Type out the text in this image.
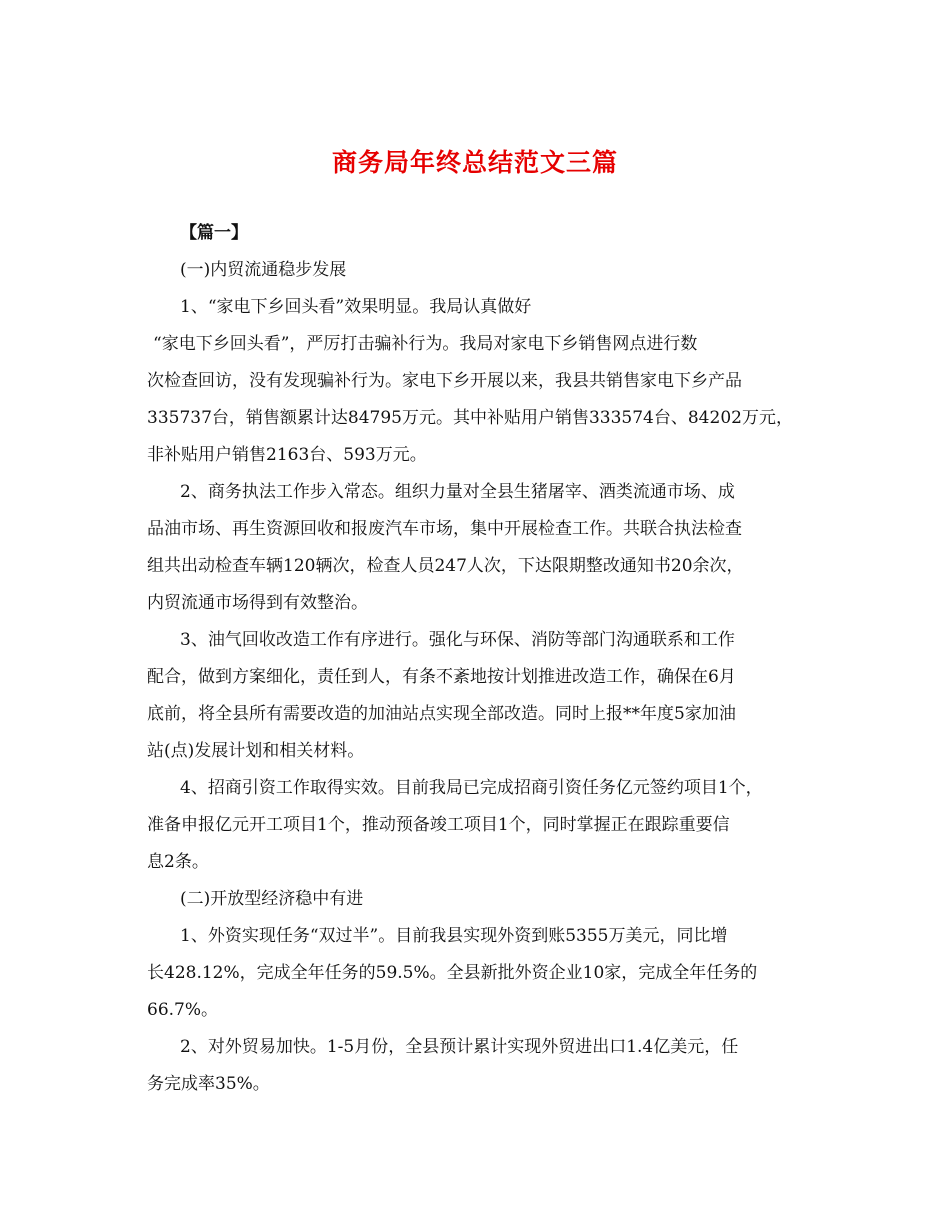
商务局年终总结范文三篇

【篇一】

(一)内贸流通稳步发展

1、“家电下乡回头看”效果明显。我局认真做好

“家电下乡回头看”，严厉打击骗补行为。我局对家电下乡销售网点进行数

次检查回访，没有发现骗补行为。家电下乡开展以来，我县共销售家电下乡产品

335737台，销售额累计达84795万元。其中补贴用户销售333574台、84202万元，

非补贴用户销售2163台、593万元。

2、商务执法工作步入常态。组织力量对全县生猪屠宰、酒类流通市场、成

品油市场、再生资源回收和报废汽车市场，集中开展检查工作。共联合执法检查

组共出动检查车辆120辆次，检查人员247人次，下达限期整改通知书20余次，

内贸流通市场得到有效整治。

3、油气回收改造工作有序进行。强化与环保、消防等部门沟通联系和工作

配合，做到方案细化，责任到人，有条不紊地按计划推进改造工作，确保在6月

底前，将全县所有需要改造的加油站点实现全部改造。同时上报**年度5家加油

站(点)发展计划和相关材料。

4、招商引资工作取得实效。目前我局已完成招商引资任务亿元签约项目1个，

准备申报亿元开工项目1个，推动预备竣工项目1个，同时掌握正在跟踪重要信

息2条。

(二)开放型经济稳中有进

1、外资实现任务“双过半”。目前我县实现外资到账5355万美元，同比增

长428.12%，完成全年任务的59.5%。全县新批外资企业10家，完成全年任务的

66.7%。

2、对外贸易加快。1-5月份，全县预计累计实现外贸进出口1.4亿美元，任

务完成率35%。
